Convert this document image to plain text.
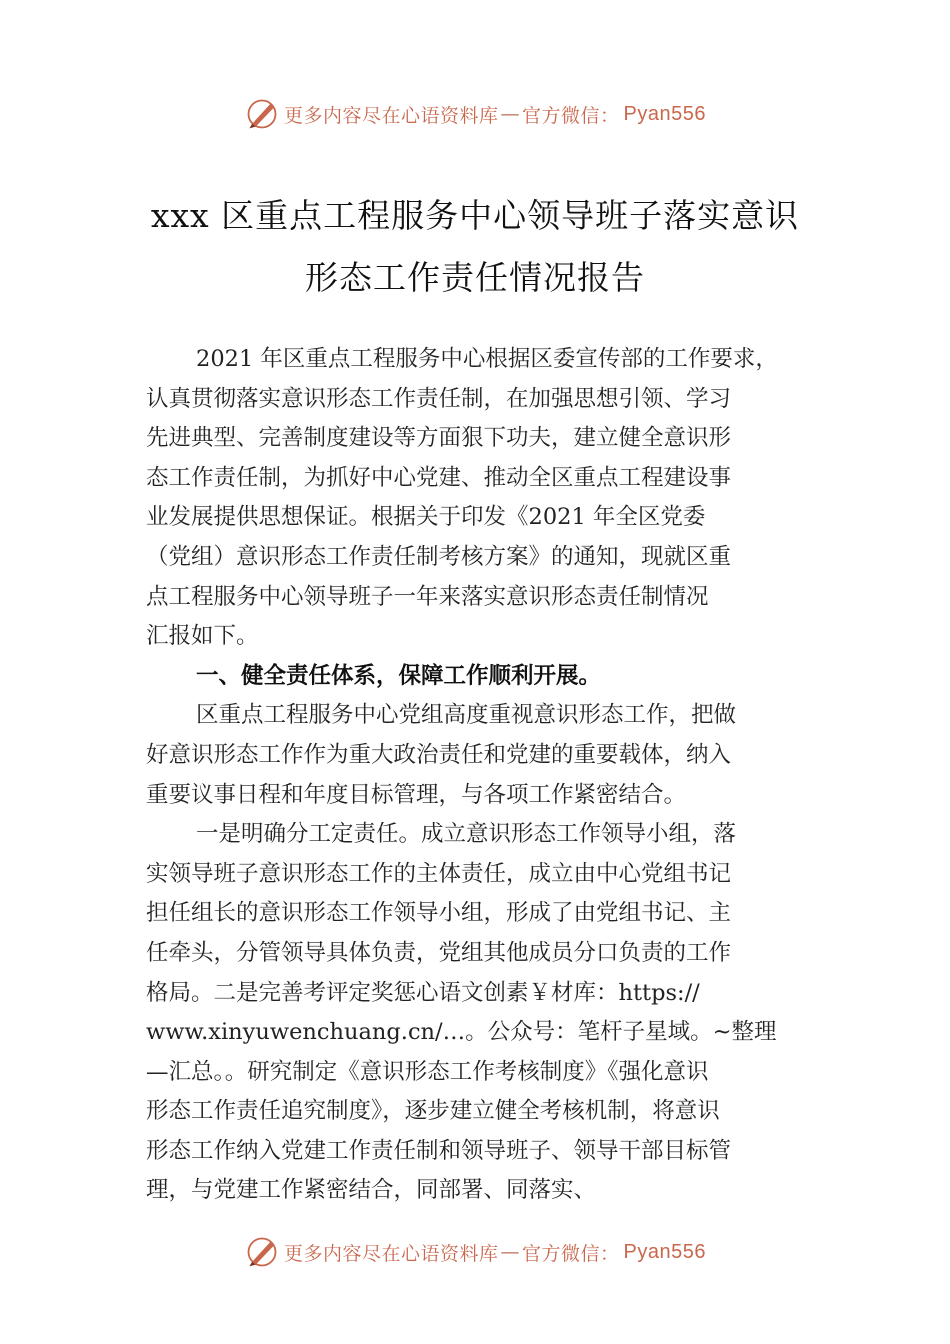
更多内容尽在心语资料库 — 官方微信： Pyan556
xxx 区重点工程服务中心领导班子落实意识
形态工作责任情况报告
2021 年区重点工程服务中心根据区委宣传部的工作要求，
认真贯彻落实意识形态工作责任制，在加强思想引领、学习
先进典型、完善制度建设等方面狠下功夫，建立健全意识形
态工作责任制，为抓好中心党建、推动全区重点工程建设事
业发展提供思想保证。根据关于印发《2021 年全区党委
（党组）意识形态工作责任制考核方案》的通知，现就区重
点工程服务中心领导班子一年来落实意识形态责任制情况
汇报如下。
一、健全责任体系，保障工作顺利开展。
区重点工程服务中心党组高度重视意识形态工作，把做
好意识形态工作作为重大政治责任和党建的重要载体，纳入
重要议事日程和年度目标管理，与各项工作紧密结合。
一是明确分工定责任。成立意识形态工作领导小组，落
实领导班子意识形态工作的主体责任，成立由中心党组书记
担任组长的意识形态工作领导小组，形成了由党组书记、主
任牵头，分管领导具体负责，党组其他成员分口负责的工作
格局。二是完善考评定奖惩心语文创素￥材库：https://
www.xinyuwenchuang.cn/…。公众号：笔杆子星域。~整理
—汇总。。研究制定《意识形态工作考核制度》《强化意识
形态工作责任追究制度》，逐步建立健全考核机制，将意识
形态工作纳入党建工作责任制和领导班子、领导干部目标管
理，与党建工作紧密结合，同部署、同落实、
更多内容尽在心语资料库 — 官方微信： Pyan556
